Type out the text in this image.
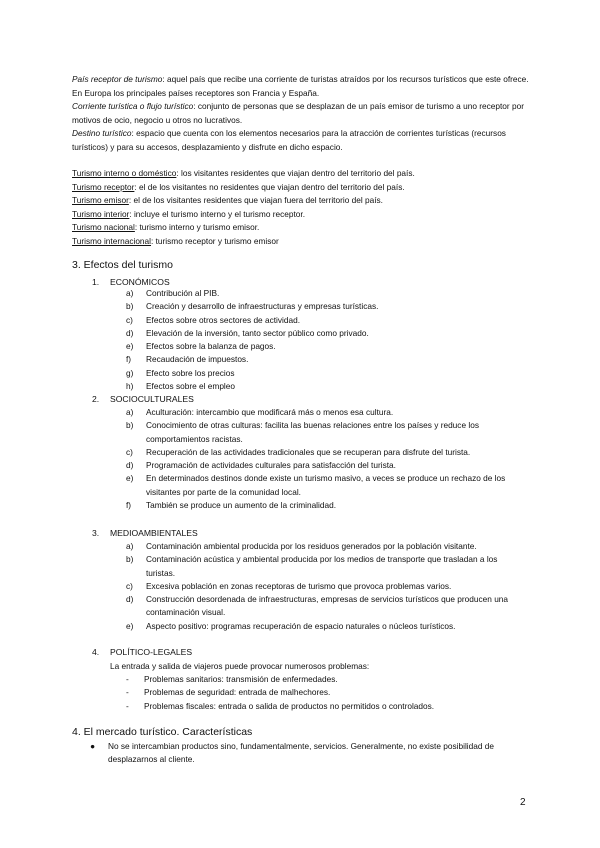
País receptor de turismo: aquel país que recibe una corriente de turistas atraídos por los recursos turísticos que este ofrece. En Europa los principales países receptores son Francia y España.

Corriente turística o flujo turístico: conjunto de personas que se desplazan de un país emisor de turismo a uno receptor por motivos de ocio, negocio u otros no lucrativos.

Destino turístico: espacio que cuenta con los elementos necesarios para la atracción de corrientes turísticas (recursos turísticos) y para su accesos, desplazamiento y disfrute en dicho espacio.

Turismo interno o doméstico: los visitantes residentes que viajan dentro del territorio del país.

Turismo receptor: el de los visitantes no residentes que viajan dentro del territorio del país.

Turismo emisor: el de los visitantes residentes que viajan fuera del territorio del país.

Turismo interior: incluye el turismo interno y el turismo receptor.

Turismo nacional: turismo interno y turismo emisor.

Turismo internacional: turismo receptor y turismo emisor

3. Efectos del turismo
1. ECONÓMICOS
a) Contribución al PIB.
b) Creación y desarrollo de infraestructuras y empresas turísticas.
c) Efectos sobre otros sectores de actividad.
d) Elevación de la inversión, tanto sector público como privado.
e) Efectos sobre la balanza de pagos.
f) Recaudación de impuestos.
g) Efecto sobre los precios
h) Efectos sobre el empleo
2. SOCIOCULTURALES
a) Aculturación: intercambio que modificará más o menos esa cultura.
b) Conocimiento de otras culturas: facilita las buenas relaciones entre los países y reduce los comportamientos racistas.
c) Recuperación de las actividades tradicionales que se recuperan para disfrute del turista.
d) Programación de actividades culturales para satisfacción del turista.
e) En determinados destinos donde existe un turismo masivo, a veces se produce un rechazo de los visitantes por parte de la comunidad local.
f) También se produce un aumento de la criminalidad.
3. MEDIOAMBIENTALES
a) Contaminación ambiental producida por los residuos generados por la población visitante.
b) Contaminación acústica y ambiental producida por los medios de transporte que trasladan a los turistas.
c) Excesiva población en zonas receptoras de turismo que provoca problemas varios.
d) Construcción desordenada de infraestructuras, empresas de servicios turísticos que producen una contaminación visual.
e) Aspecto positivo: programas recuperación de espacio naturales o núcleos turísticos.
4. POLÍTICO-LEGALES
La entrada y salida de viajeros puede provocar numerosos problemas:
- Problemas sanitarios: transmisión de enfermedades.
- Problemas de seguridad: entrada de malhechores.
- Problemas fiscales: entrada o salida de productos no permitidos o controlados.
4. El mercado turístico. Características
● No se intercambian productos sino, fundamentalmente, servicios. Generalmente, no existe posibilidad de desplazarnos al cliente.
2
